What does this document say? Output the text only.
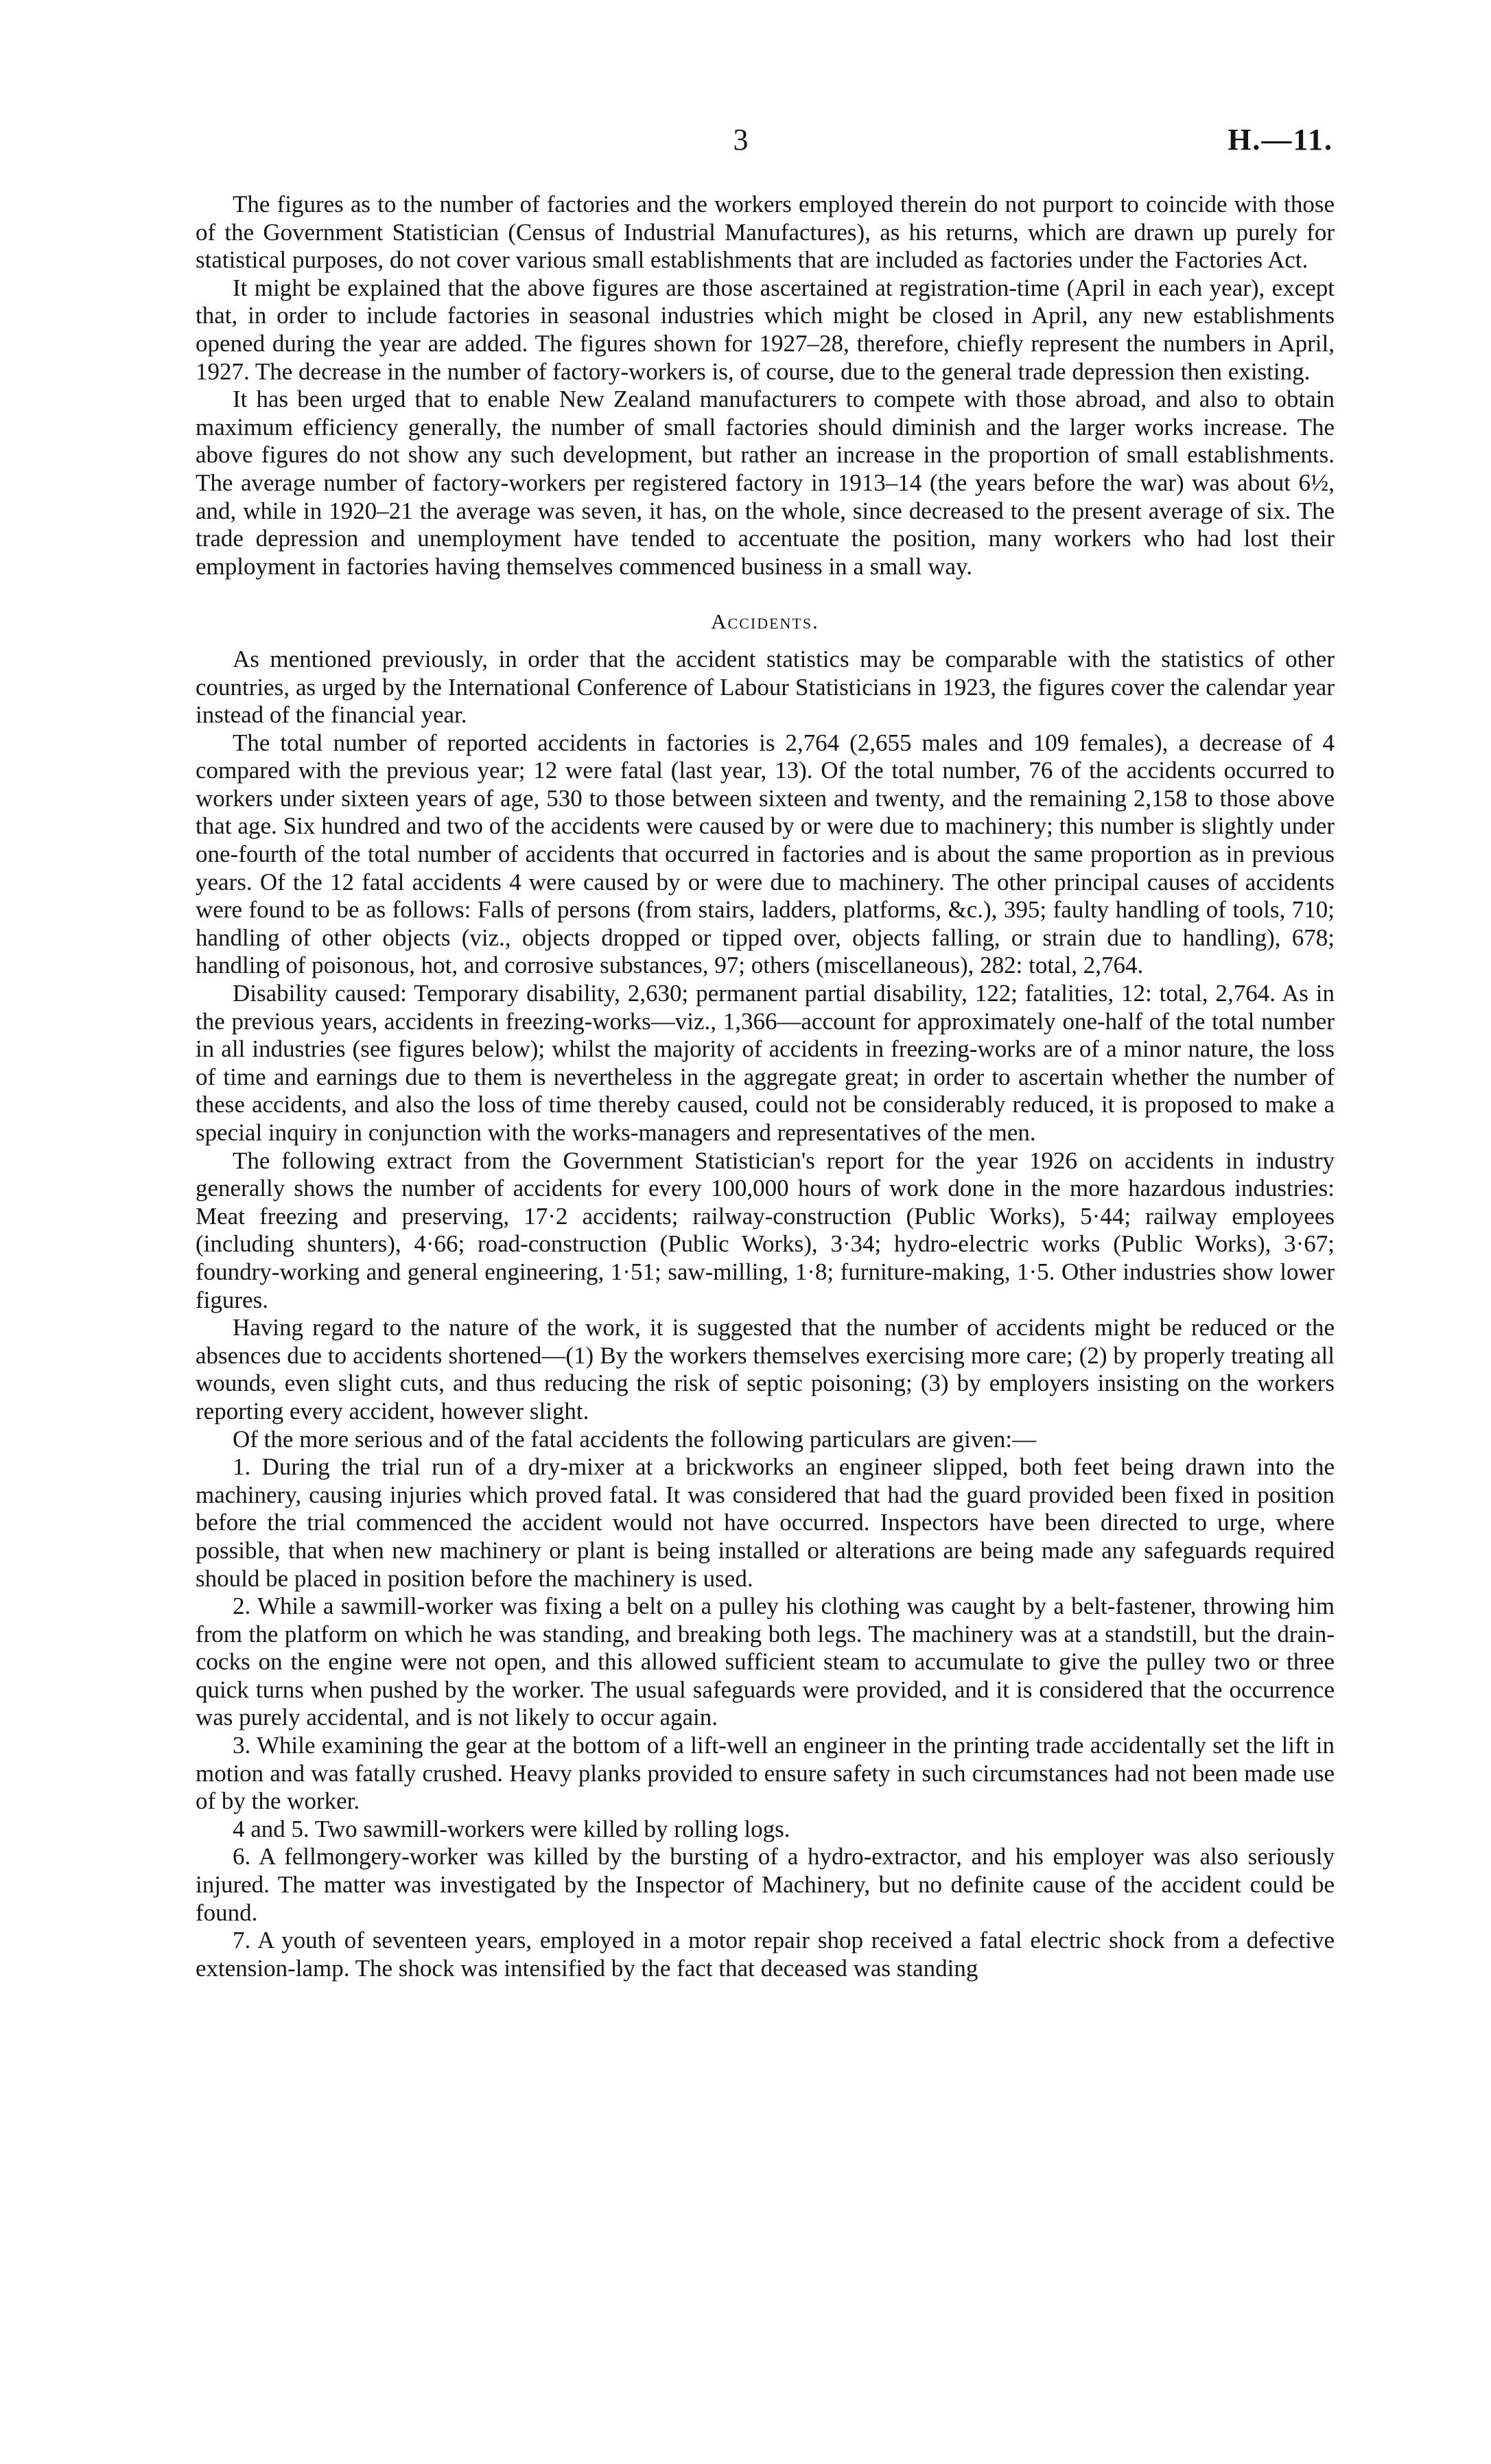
3	H.—11.

The figures as to the number of factories and the workers employed therein do not purport to coincide with those of the Government Statistician (Census of Industrial Manufactures), as his returns, which are drawn up purely for statistical purposes, do not cover various small establishments that are included as factories under the Factories Act.

It might be explained that the above figures are those ascertained at registration-time (April in each year), except that, in order to include factories in seasonal industries which might be closed in April, any new establishments opened during the year are added. The figures shown for 1927–28, therefore, chiefly represent the numbers in April, 1927. The decrease in the number of factory-workers is, of course, due to the general trade depression then existing.

It has been urged that to enable New Zealand manufacturers to compete with those abroad, and also to obtain maximum efficiency generally, the number of small factories should diminish and the larger works increase. The above figures do not show any such development, but rather an increase in the proportion of small establishments. The average number of factory-workers per registered factory in 1913–14 (the years before the war) was about 6½, and, while in 1920–21 the average was seven, it has, on the whole, since decreased to the present average of six. The trade depression and unemployment have tended to accentuate the position, many workers who had lost their employment in factories having themselves commenced business in a small way.

Accidents.

As mentioned previously, in order that the accident statistics may be comparable with the statistics of other countries, as urged by the International Conference of Labour Statisticians in 1923, the figures cover the calendar year instead of the financial year.

The total number of reported accidents in factories is 2,764 (2,655 males and 109 females), a decrease of 4 compared with the previous year; 12 were fatal (last year, 13). Of the total number, 76 of the accidents occurred to workers under sixteen years of age, 530 to those between sixteen and twenty, and the remaining 2,158 to those above that age. Six hundred and two of the accidents were caused by or were due to machinery; this number is slightly under one-fourth of the total number of accidents that occurred in factories and is about the same proportion as in previous years. Of the 12 fatal accidents 4 were caused by or were due to machinery. The other principal causes of accidents were found to be as follows: Falls of persons (from stairs, ladders, platforms, &c.), 395; faulty handling of tools, 710; handling of other objects (viz., objects dropped or tipped over, objects falling, or strain due to handling), 678; handling of poisonous, hot, and corrosive substances, 97; others (miscellaneous), 282: total, 2,764.

Disability caused: Temporary disability, 2,630; permanent partial disability, 122; fatalities, 12: total, 2,764. As in the previous years, accidents in freezing-works—viz., 1,366—account for approximately one-half of the total number in all industries (see figures below); whilst the majority of accidents in freezing-works are of a minor nature, the loss of time and earnings due to them is nevertheless in the aggregate great; in order to ascertain whether the number of these accidents, and also the loss of time thereby caused, could not be considerably reduced, it is proposed to make a special inquiry in conjunction with the works-managers and representatives of the men.

The following extract from the Government Statistician's report for the year 1926 on accidents in industry generally shows the number of accidents for every 100,000 hours of work done in the more hazardous industries: Meat freezing and preserving, 17·2 accidents; railway-construction (Public Works), 5·44; railway employees (including shunters), 4·66; road-construction (Public Works), 3·34; hydro-electric works (Public Works), 3·67; foundry-working and general engineering, 1·51; saw-milling, 1·8; furniture-making, 1·5. Other industries show lower figures.

Having regard to the nature of the work, it is suggested that the number of accidents might be reduced or the absences due to accidents shortened—(1) By the workers themselves exercising more care; (2) by properly treating all wounds, even slight cuts, and thus reducing the risk of septic poisoning; (3) by employers insisting on the workers reporting every accident, however slight.

Of the more serious and of the fatal accidents the following particulars are given:—

1. During the trial run of a dry-mixer at a brickworks an engineer slipped, both feet being drawn into the machinery, causing injuries which proved fatal. It was considered that had the guard provided been fixed in position before the trial commenced the accident would not have occurred. Inspectors have been directed to urge, where possible, that when new machinery or plant is being installed or alterations are being made any safeguards required should be placed in position before the machinery is used.

2. While a sawmill-worker was fixing a belt on a pulley his clothing was caught by a belt-fastener, throwing him from the platform on which he was standing, and breaking both legs. The machinery was at a standstill, but the drain-cocks on the engine were not open, and this allowed sufficient steam to accumulate to give the pulley two or three quick turns when pushed by the worker. The usual safeguards were provided, and it is considered that the occurrence was purely accidental, and is not likely to occur again.

3. While examining the gear at the bottom of a lift-well an engineer in the printing trade accidentally set the lift in motion and was fatally crushed. Heavy planks provided to ensure safety in such circumstances had not been made use of by the worker.

4 and 5. Two sawmill-workers were killed by rolling logs.

6. A fellmongery-worker was killed by the bursting of a hydro-extractor, and his employer was also seriously injured. The matter was investigated by the Inspector of Machinery, but no definite cause of the accident could be found.

7. A youth of seventeen years, employed in a motor repair shop received a fatal electric shock from a defective extension-lamp. The shock was intensified by the fact that deceased was standing
